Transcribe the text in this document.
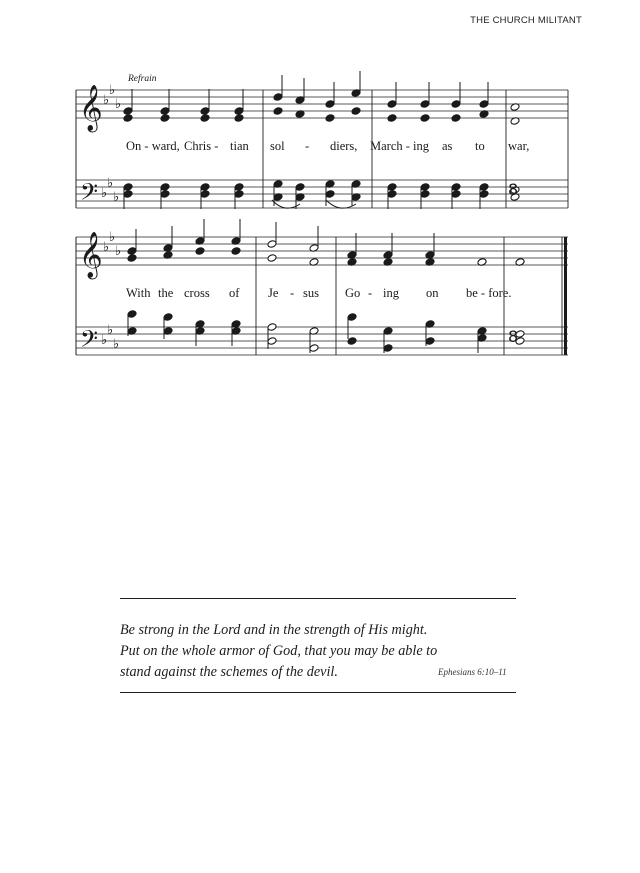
THE CHURCH MILITANT
𝄞
𝄞
𝄢
𝄢
♭
♭
♭
♭
♭
♭
♭
♭
♭
♭
♭
♭
8
8
Refrain
On - ward, Chris - tian sol - diers, March - ing as to war,
With the cross of Je - sus Go - ing on be - fore.
Be strong in the Lord and in the strength of His might.
Put on the whole armor of God, that you may be able to
stand against the schemes of the devil.	Ephesians 6:10–11
